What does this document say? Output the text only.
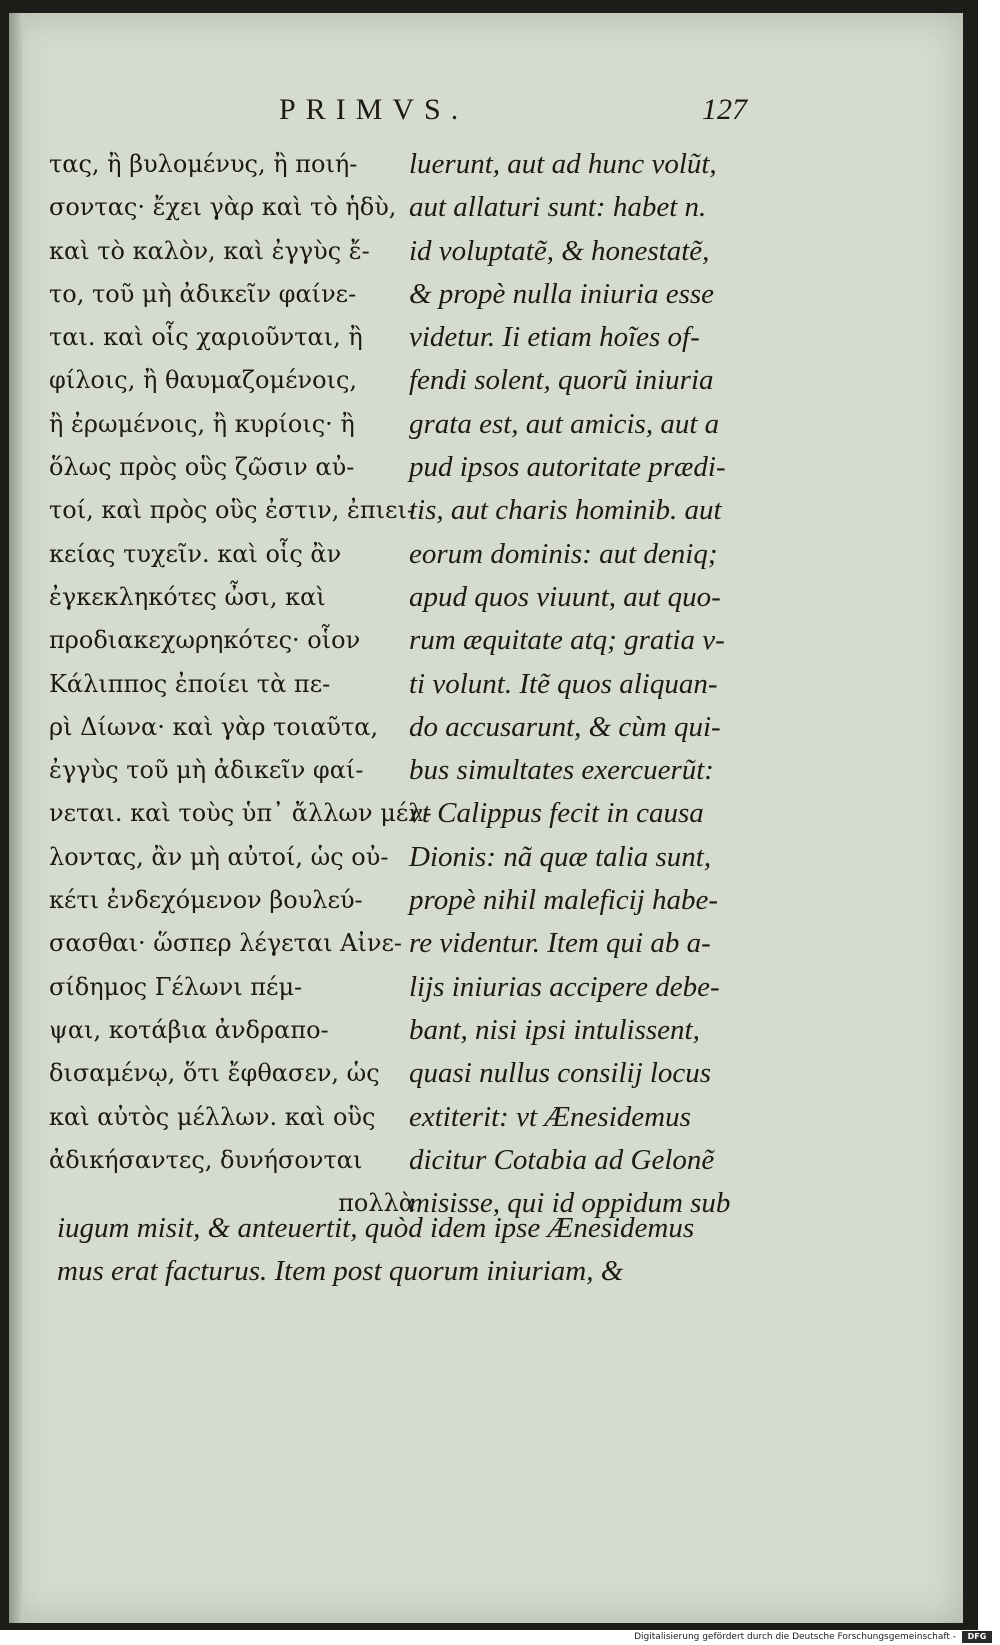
PRIMVS.	127
τας, ἢ βυλομένυς, ἢ ποιή-
σοντας· ἔχει γὰρ καὶ τὸ ἡδὺ,
καὶ τὸ καλὸν, καὶ ἐγγὺς ἔ-
το, τοῦ μὴ ἀδικεῖν φαίνε-
ται. καὶ οἷς χαριοῦνται, ἢ
φίλοις, ἢ θαυμαζομένοις,
ἢ ἐρωμένοις, ἢ κυρίοις· ἢ
ὅλως πρὸς οὓς ζῶσιν αὐ-
τοί, καὶ πρὸς οὓς ἐστιν, ἐπιει-
κείας τυχεῖν. καὶ οἷς ἂν
ἐγκεκληκότες ὦσι, καὶ
προδιακεχωρηκότες· οἷον
Κάλιππος ἐποίει τὰ πε-
ρὶ Δίωνα· καὶ γὰρ τοιαῦτα,
ἐγγὺς τοῦ μὴ ἀδικεῖν φαί-
νεται. καὶ τοὺς ὑπ᾽ ἄλλων μέλ-
λοντας, ἂν μὴ αὐτοί, ὡς οὐ-
κέτι ἐνδεχόμενον βουλεύ-
σασθαι· ὥσπερ λέγεται Αἰνε-
σίδημος Γέλωνι πέμ-
ψαι, κοτάβια ἀνδραπο-
δισαμένῳ, ὅτι ἔφθασεν, ὡς
καὶ αὐτὸς μέλλων. καὶ οὓς
ἀδικήσαντες, δυνήσονται
πολλὰ
luerunt, aut ad hunc volũt,
aut allaturi sunt: habet n.
id voluptatẽ, & honestatẽ,
& propè nulla iniuria esse
videtur. Ii etiam hoĩes of-
fendi solent, quorũ iniuria
grata est, aut amicis, aut a
pud ipsos autoritate prædi-
tis, aut charis hominib. aut
eorum dominis: aut deniq;
apud quos viuunt, aut quo-
rum æquitate atq; gratia v-
ti volunt. Itẽ quos aliquan-
do accusarunt, & cùm qui-
bus simultates exercuerũt:
vt Calippus fecit in causa
Dionis: nã quæ talia sunt,
propè nihil maleficij habe-
re videntur. Item qui ab a-
lijs iniurias accipere debe-
bant, nisi ipsi intulissent,
quasi nullus consilij locus
extiterit: vt Ænesidemus
dicitur Cotabia ad Gelonẽ
misisse, qui id oppidum sub
iugum misit, & anteuertit, quòd idem ipse Ænesidemus
mus erat facturus. Item post quorum iniuriam, &
Digitalisierung gefördert durch die Deutsche Forschungsgemeinschaft -	DFG
